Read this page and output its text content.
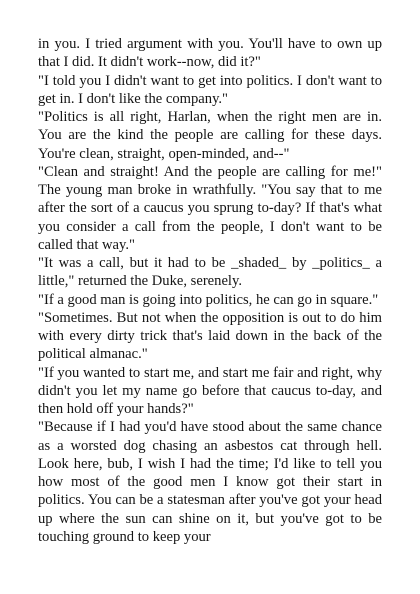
in you. I tried argument with you. You'll have to own up that I did. It didn't work--now, did it?"

"I told you I didn't want to get into politics. I don't want to get in. I don't like the company."

"Politics is all right, Harlan, when the right men are in. You are the kind the people are calling for these days. You're clean, straight, open-minded, and--"

"Clean and straight! And the people are calling for me!" The young man broke in wrathfully. "You say that to me after the sort of a caucus you sprung to-day? If that's what you consider a call from the people, I don't want to be called that way."

"It was a call, but it had to be _shaded_ by _politics_ a little," returned the Duke, serenely.

"If a good man is going into politics, he can go in square."

"Sometimes. But not when the opposition is out to do him with every dirty trick that's laid down in the back of the political almanac."

"If you wanted to start me, and start me fair and right, why didn't you let my name go before that caucus to-day, and then hold off your hands?"

"Because if I had you'd have stood about the same chance as a worsted dog chasing an asbestos cat through hell. Look here, bub, I wish I had the time; I'd like to tell you how most of the good men I know got their start in politics. You can be a statesman after you've got your head up where the sun can shine on it, but you've got to be touching ground to keep your
